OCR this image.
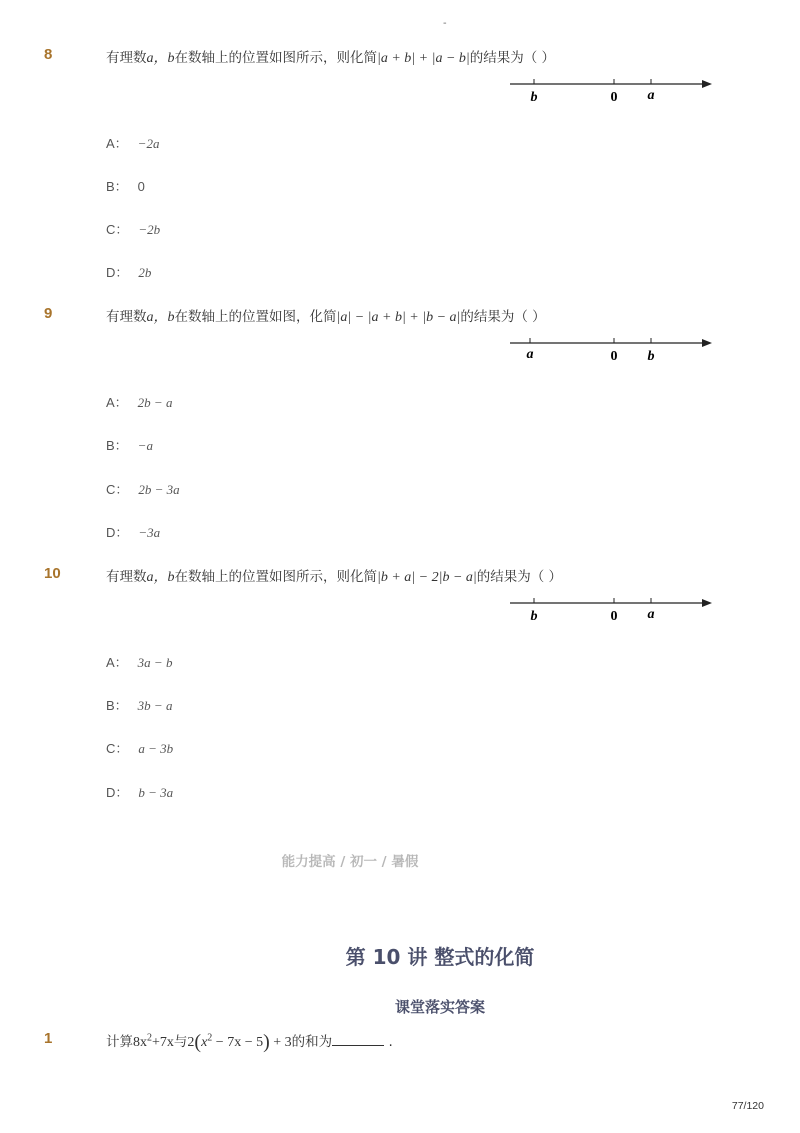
-
8	有理数a，b在数轴上的位置如图所示，则化简|a + b| + |a − b|的结果为（ ）
b	0 a
A： −2a
B： 0
C： −2b
D： 2b
9	有理数a，b在数轴上的位置如图，化简|a| − |a + b| + |b − a|的结果为（ ）
a	0 b
A： 2b − a
B： −a
C： 2b − 3a
D： −3a
10	有理数a，b在数轴上的位置如图所示，则化简|b + a| − 2|b − a|的结果为（ ）
b	0 a
A： 3a − b
B： 3b − a
C： a − 3b
D： b − 3a
能力提高 / 初一 / 暑假
第 10 讲 整式的化简
课堂落实答案
1	计算$8x^2+7x$与$2(x^2 - 7x - 5) + 3$的和为	.
77/120
